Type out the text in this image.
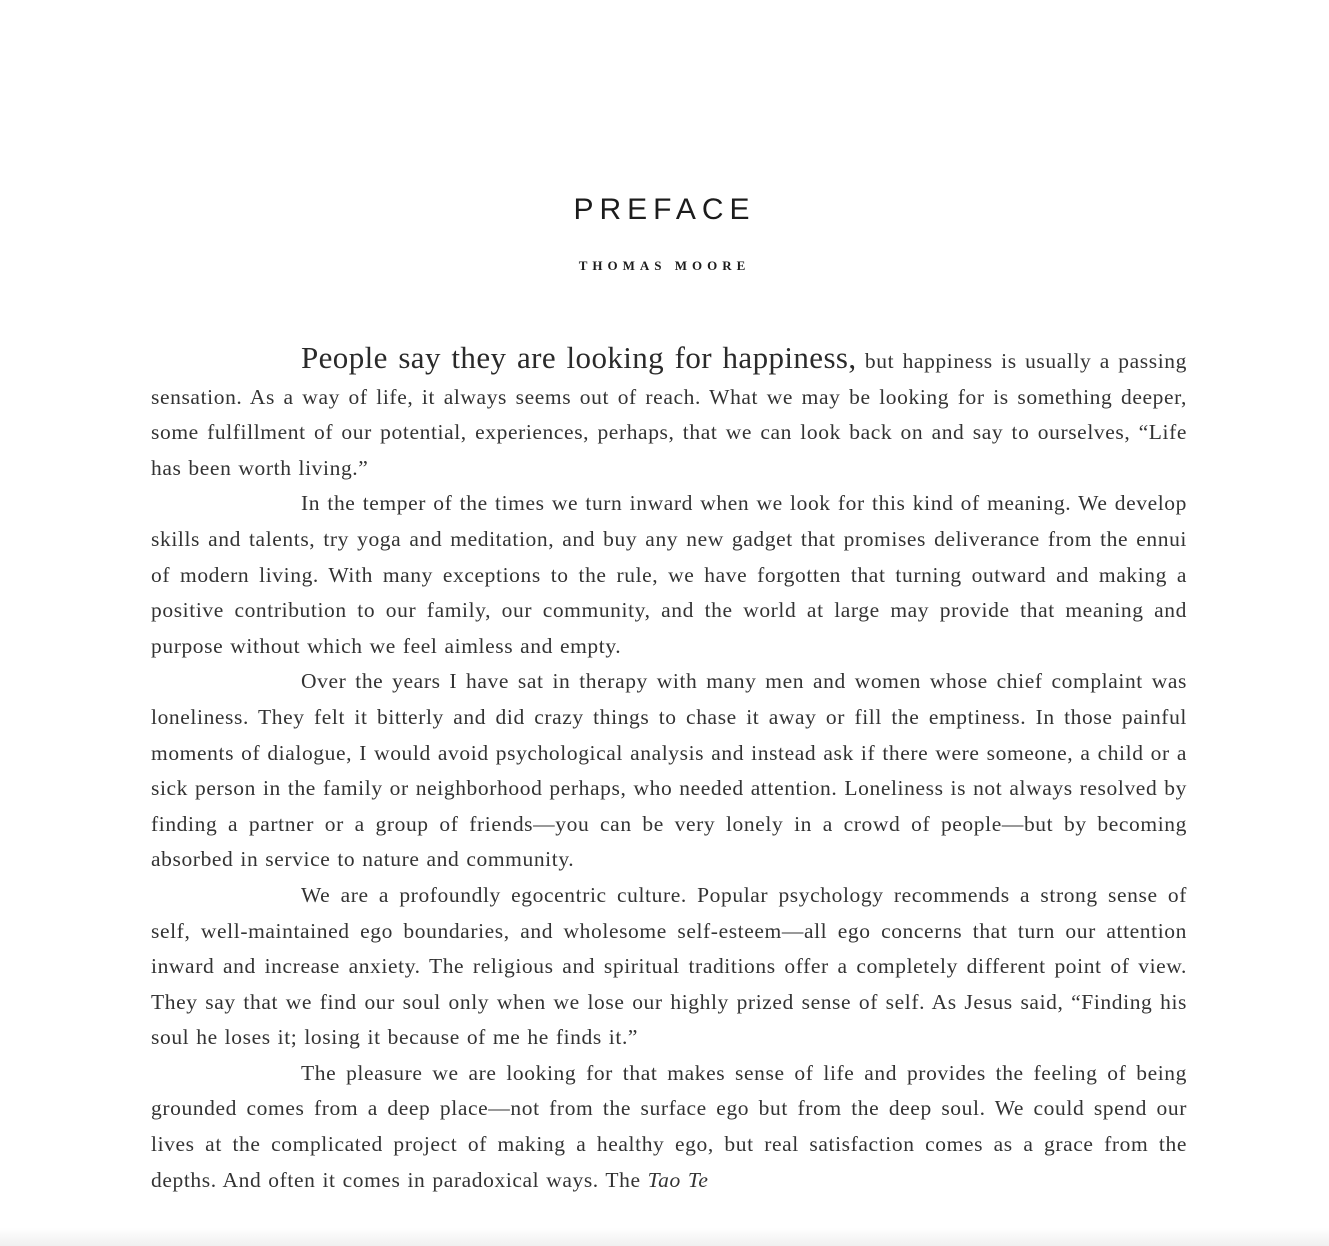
PREFACE
THOMAS MOORE

People say they are looking for happiness, but happiness is usually a passing sensation. As a way of life, it always seems out of reach. What we may be looking for is something deeper, some fulfillment of our potential, experiences, perhaps, that we can look back on and say to ourselves, “Life has been worth living.”

In the temper of the times we turn inward when we look for this kind of meaning. We develop skills and talents, try yoga and meditation, and buy any new gadget that promises deliverance from the ennui of modern living. With many exceptions to the rule, we have forgotten that turning outward and making a positive contribution to our family, our community, and the world at large may provide that meaning and purpose without which we feel aimless and empty.

Over the years I have sat in therapy with many men and women whose chief complaint was loneliness. They felt it bitterly and did crazy things to chase it away or fill the emptiness. In those painful moments of dialogue, I would avoid psychological analysis and instead ask if there were someone, a child or a sick person in the family or neighborhood perhaps, who needed attention. Loneliness is not always resolved by finding a partner or a group of friends—you can be very lonely in a crowd of people—but by becoming absorbed in service to nature and community.

We are a profoundly egocentric culture. Popular psychology recommends a strong sense of self, well-maintained ego boundaries, and wholesome self-esteem—all ego concerns that turn our attention inward and increase anxiety. The religious and spiritual traditions offer a completely different point of view. They say that we find our soul only when we lose our highly prized sense of self. As Jesus said, “Finding his soul he loses it; losing it because of me he finds it.”

The pleasure we are looking for that makes sense of life and provides the feeling of being grounded comes from a deep place—not from the surface ego but from the deep soul. We could spend our lives at the complicated project of making a healthy ego, but real satisfaction comes as a grace from the depths. And often it comes in paradoxical ways. The Tao Te
